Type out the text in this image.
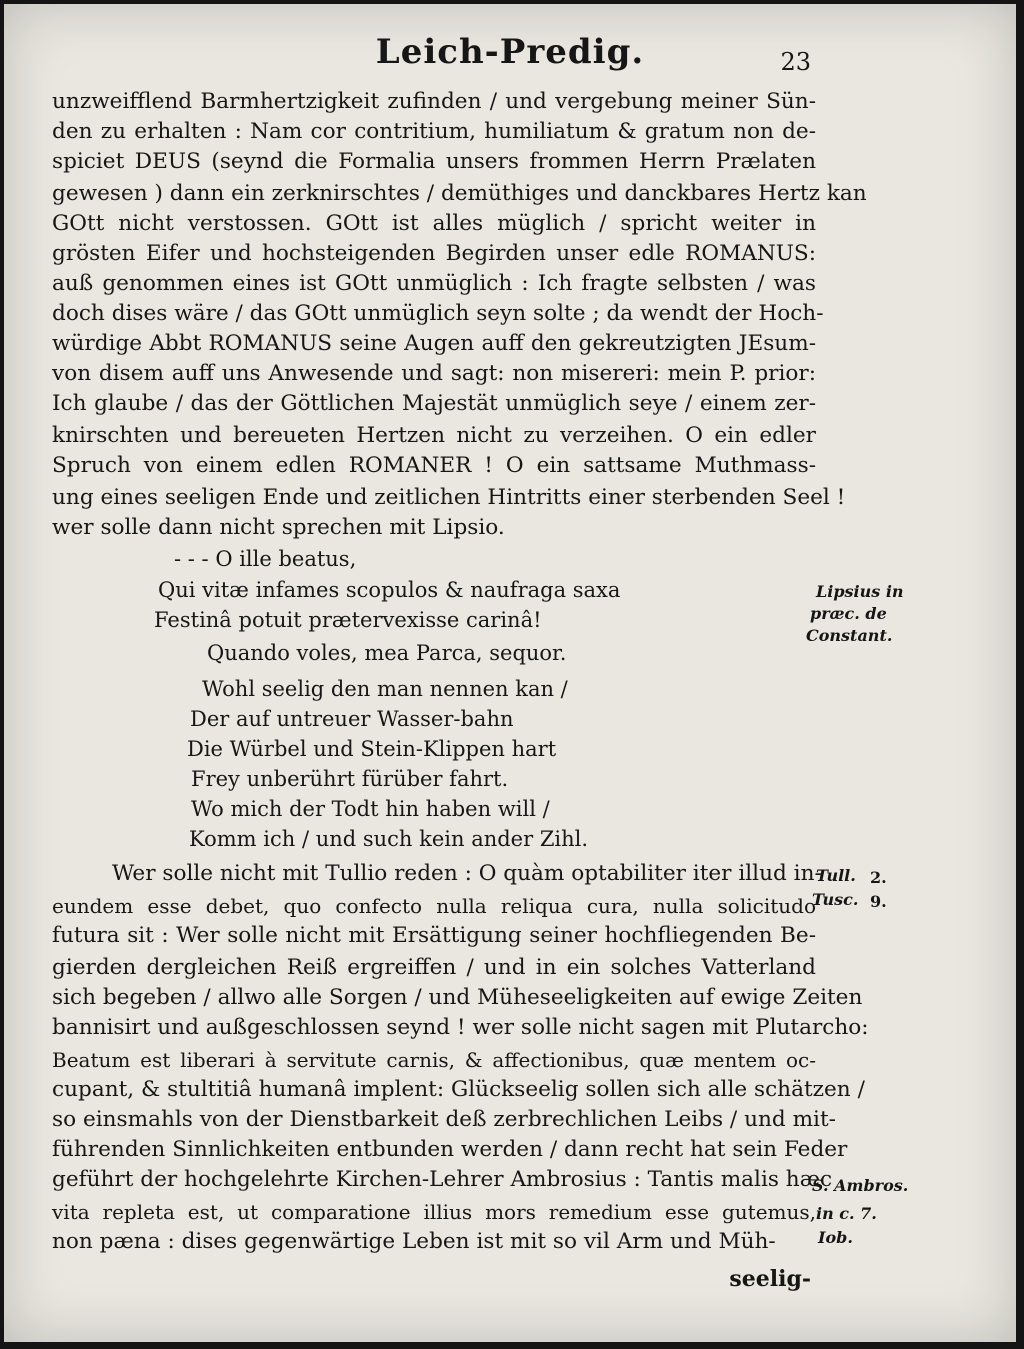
Leich-Predig.	23
unzweifflend Barmhertzigkeit zufinden / und vergebung meiner Sün-
den zu erhalten : Nam cor contritium, humiliatum & gratum non de-
spiciet DEUS (seynd die Formalia unsers frommen Herrn Prælaten
gewesen ) dann ein zerknirschtes / demüthiges und danckbares Hertz kan
GOtt nicht verstossen. GOtt ist alles müglich / spricht weiter in
grösten Eifer und hochsteigenden Begirden unser edle ROMANUS:
auß genommen eines ist GOtt unmüglich : Ich fragte selbsten / was
doch dises wäre / das GOtt unmüglich seyn solte ; da wendt der Hoch-
würdige Abbt ROMANUS seine Augen auff den gekreutzigten JEsum-
von disem auff uns Anwesende und sagt: non misereri: mein P. prior:
Ich glaube / das der Göttlichen Majestät unmüglich seye / einem zer-
knirschten und bereueten Hertzen nicht zu verzeihen. O ein edler
Spruch von einem edlen ROMANER ! O ein sattsame Muthmass-
ung eines seeligen Ende und zeitlichen Hintritts einer sterbenden Seel !
wer solle dann nicht sprechen mit Lipsio.
- - - O ille beatus,
Qui vitæ infames scopulos & naufraga saxa
Festinâ potuit prætervexisse carinâ!
Quando voles, mea Parca, sequor.
Wohl seelig den man nennen kan /
Der auf untreuer Wasser-bahn
Die Würbel und Stein-Klippen hart
Frey unberührt fürüber fahrt.
Wo mich der Todt hin haben will /
Komm ich / und such kein ander Zihl.
Wer solle nicht mit Tullio reden : O quàm optabiliter iter illud in-
eundem esse debet, quo confecto nulla reliqua cura, nulla solicitudo
futura sit : Wer solle nicht mit Ersättigung seiner hochfliegenden Be-
gierden dergleichen Reiß ergreiffen / und in ein solches Vatterland
sich begeben / allwo alle Sorgen / und Müheseeligkeiten auf ewige Zeiten
bannisirt und außgeschlossen seynd ! wer solle nicht sagen mit Plutarcho:
Beatum est liberari à servitute carnis, & affectionibus, quæ mentem oc-
cupant, & stultitiâ humanâ implent: Glückseelig sollen sich alle schätzen /
so einsmahls von der Dienstbarkeit deß zerbrechlichen Leibs / und mit-
führenden Sinnlichkeiten entbunden werden / dann recht hat sein Feder
geführt der hochgelehrte Kirchen-Lehrer Ambrosius : Tantis malis hæc
vita repleta est, ut comparatione illius mors remedium esse gutemus,
non pæna : dises gegenwärtige Leben ist mit so vil Arm und Müh-
seelig-
Lipsius in
præc. de
Constant.
Tull.
Tusc.
2.
9.
S. Ambros.
in c. 7.
Iob.
